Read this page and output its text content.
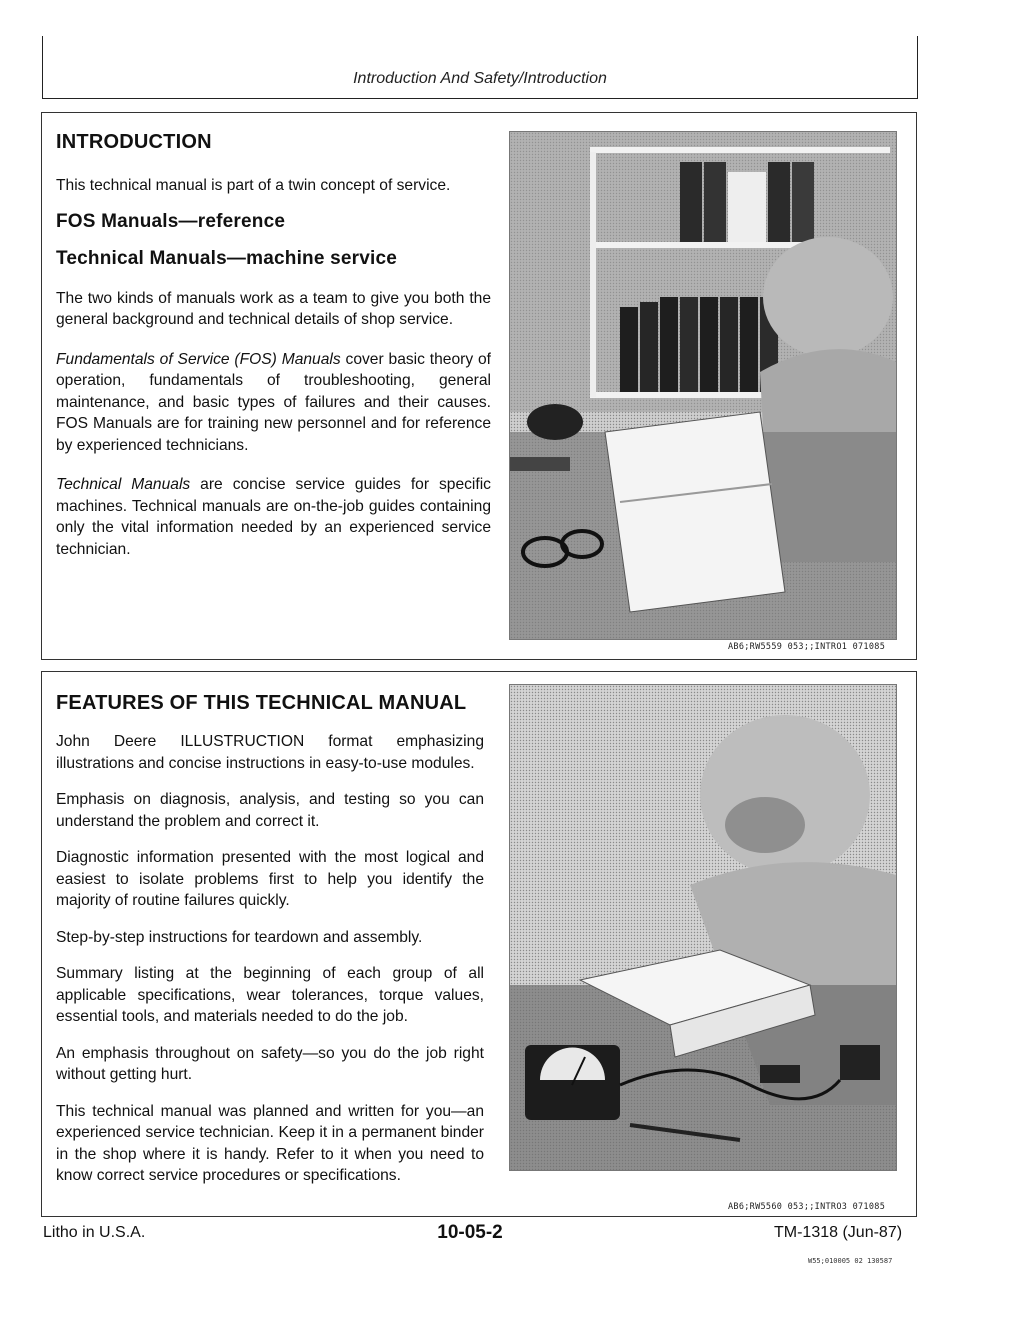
Introduction And Safety/Introduction
INTRODUCTION

This technical manual is part of a twin concept of service.

FOS Manuals—reference
Technical Manuals—machine service

The two kinds of manuals work as a team to give you both the general background and technical details of shop service.

Fundamentals of Service (FOS) Manuals cover basic theory of operation, fundamentals of troubleshooting, general maintenance, and basic types of failures and their causes. FOS Manuals are for training new personnel and for reference by experienced technicians.

Technical Manuals are concise service guides for specific machines. Technical manuals are on-the-job guides containing only the vital information needed by an experienced service technician.

AB6;RW5559 053;;INTRO1 071085
FEATURES OF THIS TECHNICAL MANUAL

John Deere ILLUSTRUCTION format emphasizing illustrations and concise instructions in easy-to-use modules.

Emphasis on diagnosis, analysis, and testing so you can understand the problem and correct it.

Diagnostic information presented with the most logical and easiest to isolate problems first to help you identify the majority of routine failures quickly.

Step-by-step instructions for teardown and assembly.

Summary listing at the beginning of each group of all applicable specifications, wear tolerances, torque values, essential tools, and materials needed to do the job.

An emphasis throughout on safety—so you do the job right without getting hurt.

This technical manual was planned and written for you—an experienced service technician. Keep it in a permanent binder in the shop where it is handy. Refer to it when you need to know correct service procedures or specifications.

AB6;RW5560 053;;INTRO3 071085
Litho in U.S.A.	10-05-2	TM-1318 (Jun-87)
W55;010005 02 130587
